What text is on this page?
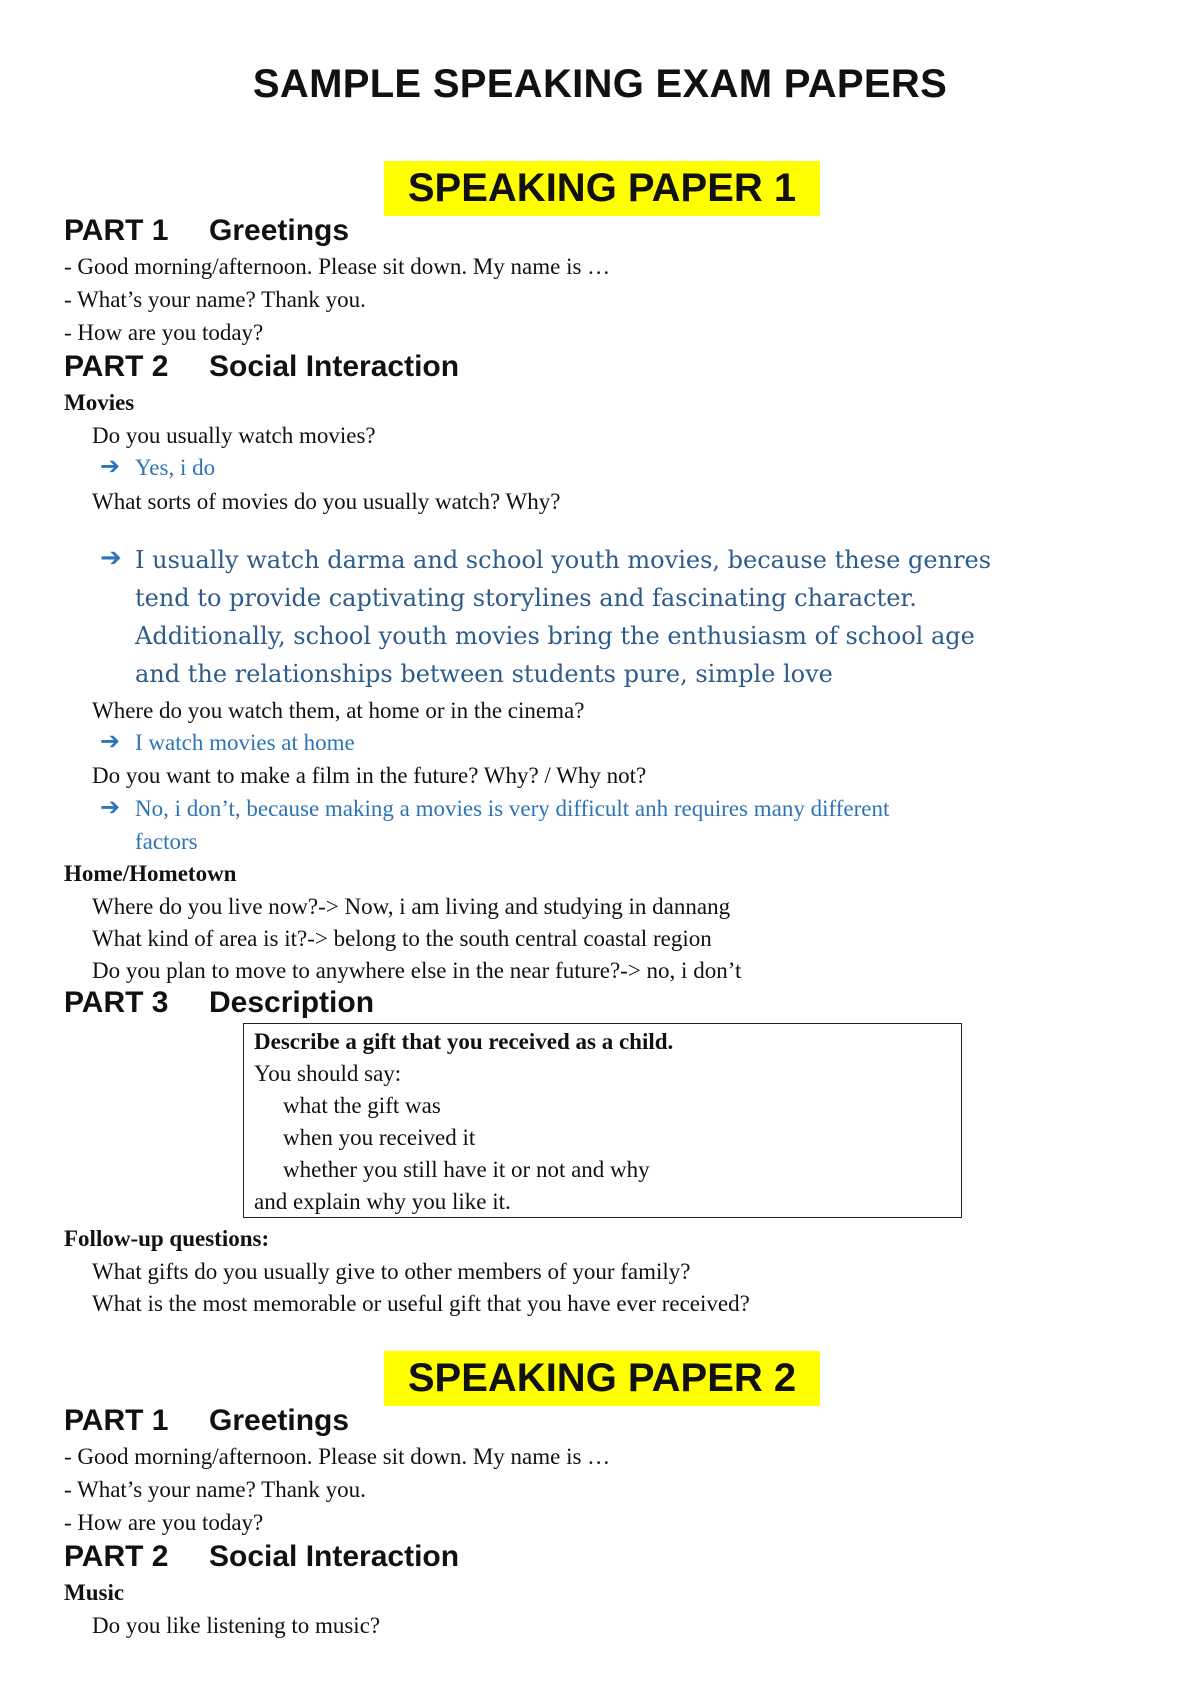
SAMPLE SPEAKING EXAM PAPERS
SPEAKING PAPER 1
PART 1 Greetings
- Good morning/afternoon. Please sit down. My name is …
- What’s your name? Thank you.
- How are you today?
PART 2 Social Interaction
Movies
Do you usually watch movies?
➔ Yes, i do
What sorts of movies do you usually watch? Why?
➔ I usually watch darma and school youth movies, because these genres
tend to provide captivating storylines and fascinating character.
Additionally, school youth movies bring the enthusiasm of school age
and the relationships between students pure, simple love
Where do you watch them, at home or in the cinema?
➔ I watch movies at home
Do you want to make a film in the future? Why? / Why not?
➔ No, i don’t, because making a movies is very difficult anh requires many different
factors
Home/Hometown
Where do you live now?-> Now, i am living and studying in dannang
What kind of area is it?-> belong to the south central coastal region
Do you plan to move to anywhere else in the near future?-> no, i don’t
PART 3 Description
Describe a gift that you received as a child.
You should say:
what the gift was
when you received it
whether you still have it or not and why
and explain why you like it.
Follow-up questions:
What gifts do you usually give to other members of your family?
What is the most memorable or useful gift that you have ever received?
SPEAKING PAPER 2
PART 1 Greetings
- Good morning/afternoon. Please sit down. My name is …
- What’s your name? Thank you.
- How are you today?
PART 2 Social Interaction
Music
Do you like listening to music?
